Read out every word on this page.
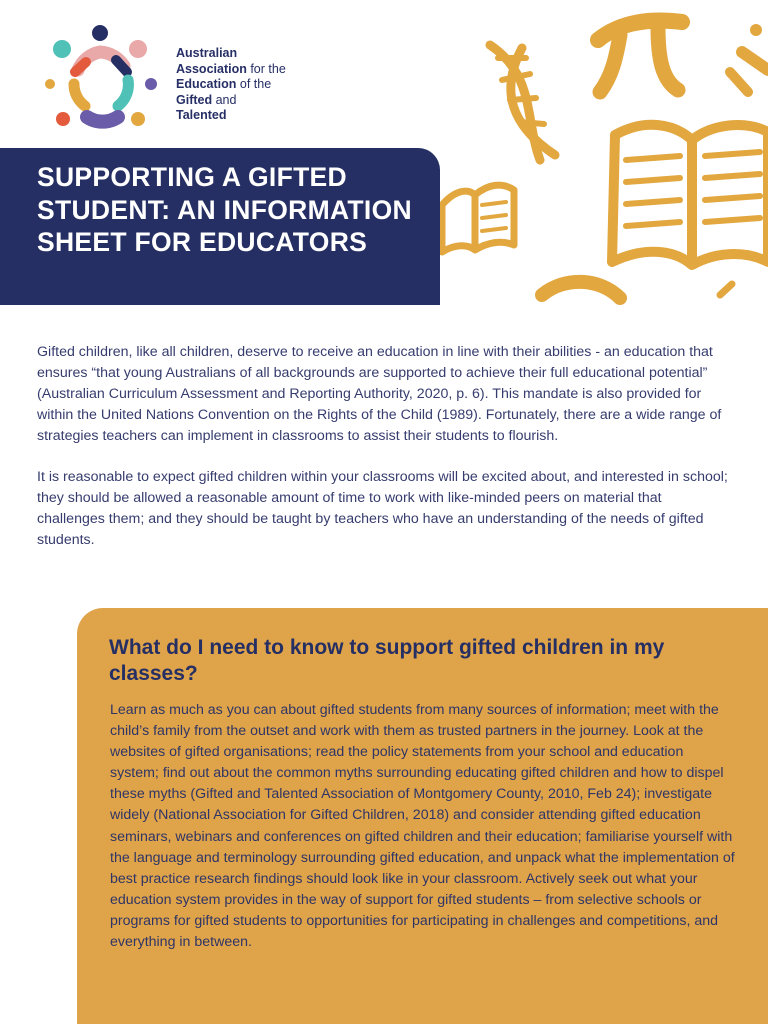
Australian
Association for the
Education of the
Gifted and
Talented
SUPPORTING A GIFTED STUDENT: AN INFORMATION SHEET FOR EDUCATORS

Gifted children, like all children, deserve to receive an education in line with their abilities - an education that ensures “that young Australians of all backgrounds are supported to achieve their full educational potential” (Australian Curriculum Assessment and Reporting Authority, 2020, p. 6). This mandate is also provided for within the United Nations Convention on the Rights of the Child (1989). Fortunately, there are a wide range of strategies teachers can implement in classrooms to assist their students to flourish.

It is reasonable to expect gifted children within your classrooms will be excited about, and interested in school; they should be allowed a reasonable amount of time to work with like-minded peers on material that challenges them; and they should be taught by teachers who have an understanding of the needs of gifted students.

What do I need to know to support gifted children in my classes?

Learn as much as you can about gifted students from many sources of information; meet with the child’s family from the outset and work with them as trusted partners in the journey. Look at the websites of gifted organisations; read the policy statements from your school and education system; find out about the common myths surrounding educating gifted children and how to dispel these myths (Gifted and Talented Association of Montgomery County, 2010, Feb 24); investigate widely (National Association for Gifted Children, 2018) and consider attending gifted education seminars, webinars and conferences on gifted children and their education; familiarise yourself with the language and terminology surrounding gifted education, and unpack what the implementation of best practice research findings should look like in your classroom. Actively seek out what your education system provides in the way of support for gifted students – from selective schools or programs for gifted students to opportunities for participating in challenges and competitions, and everything in between.
